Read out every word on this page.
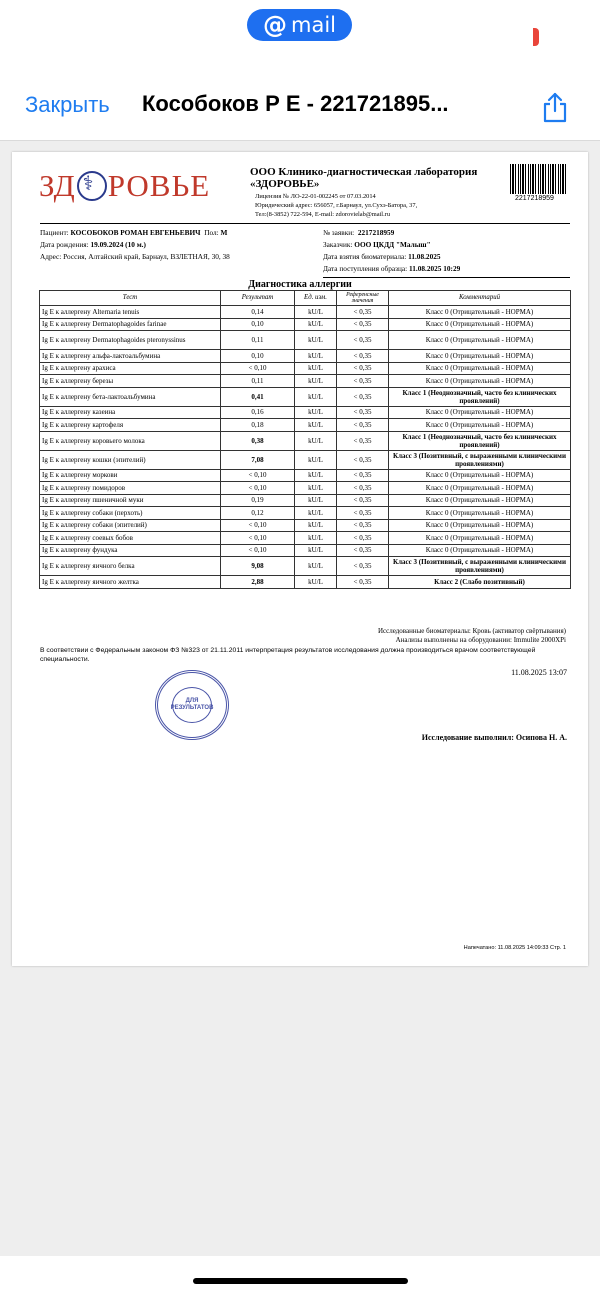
@ mail
Закрыть Кособоков Р Е - 221721895...
ЗД ⚕ РОВЬЕ	ООО Клинико-диагностическая лаборатория
«ЗДОРОВЬЕ»
Лицензия № ЛО-22-01-002245 от 07.03.2014
Юридический адрес: 656057, г.Барнаул, ул.Сухэ-Батора, 37,
Тел:(8-3852) 722-594, E-mail: zdorovielab@mail.ru
2217218959
Пациент: КОСОБОКОВ РОМАН ЕВГЕНЬЕВИЧ Пол: М
Дата рождения: 19.09.2024 (10 м.)
Адрес: Россия, Алтайский край, Барнаул, ВЗЛЕТНАЯ, 30, 38
№ заявки: 2217218959
Заказчик: ООО ЦКДД "Малыш"
Дата взятия биоматериала: 11.08.2025
Дата поступления образца: 11.08.2025 10:29
Диагностика аллергии
Тест	Результат	Ед. изм.	Референсные значения	Комментарий
Ig E к аллергену Alternaria tenuis	0,14	kU/L	< 0,35	Класс 0 (Отрицательный - НОРМА)
Ig E к аллергену Dermatophagoides farinae	0,10	kU/L	< 0,35	Класс 0 (Отрицательный - НОРМА)
Ig E к аллергену Dermatophagoides pteronyssinus	0,11	kU/L	< 0,35	Класс 0 (Отрицательный - НОРМА)
Ig E к аллергену альфа-лактоальбумина	0,10	kU/L	< 0,35	Класс 0 (Отрицательный - НОРМА)
Ig E к аллергену арахиса	< 0,10	kU/L	< 0,35	Класс 0 (Отрицательный - НОРМА)
Ig E к аллергену березы	0,11	kU/L	< 0,35	Класс 0 (Отрицательный - НОРМА)
Ig E к аллергену бета-лактоальбумина	0,41	kU/L	< 0,35	Класс 1 (Неоднозначный, часто без клинических проявлений)
Ig E к аллергену казеина	0,16	kU/L	< 0,35	Класс 0 (Отрицательный - НОРМА)
Ig E к аллергену картофеля	0,18	kU/L	< 0,35	Класс 0 (Отрицательный - НОРМА)
Ig E к аллергену коровьего молока	0,38	kU/L	< 0,35	Класс 1 (Неоднозначный, часто без клинических проявлений)
Ig E к аллергену кошки (эпителий)	7,08	kU/L	< 0,35	Класс 3 (Позитивный, с выраженными клиническими проявлениями)
Ig E к аллергену моркови	< 0,10	kU/L	< 0,35	Класс 0 (Отрицательный - НОРМА)
Ig E к аллергену помидоров	< 0,10	kU/L	< 0,35	Класс 0 (Отрицательный - НОРМА)
Ig E к аллергену пшеничной муки	0,19	kU/L	< 0,35	Класс 0 (Отрицательный - НОРМА)
Ig E к аллергену собаки (перхоть)	0,12	kU/L	< 0,35	Класс 0 (Отрицательный - НОРМА)
Ig E к аллергену собаки (эпителий)	< 0,10	kU/L	< 0,35	Класс 0 (Отрицательный - НОРМА)
Ig E к аллергену соевых бобов	< 0,10	kU/L	< 0,35	Класс 0 (Отрицательный - НОРМА)
Ig E к аллергену фундука	< 0,10	kU/L	< 0,35	Класс 0 (Отрицательный - НОРМА)
Ig E к аллергену яичного белка	9,08	kU/L	< 0,35	Класс 3 (Позитивный, с выраженными клиническими проявлениями)
Ig E к аллергену яичного желтка	2,88	kU/L	< 0,35	Класс 2 (Слабо позитивный)
Исследованные биоматериалы: Кровь (активатор свёртывания)
Анализы выполнены на оборудовании: Immulite 2000XPi
В соответствии с Федеральным законом ФЗ №323 от 21.11.2011 интерпретация результатов исследования должна производиться врачом соответствующей специальности.
11.08.2025 13:07
ДЛЯ РЕЗУЛЬТАТОВ
Исследование выполнил: Осипова Н. А.
Напечатано: 11.08.2025 14:09:33 Стр. 1
